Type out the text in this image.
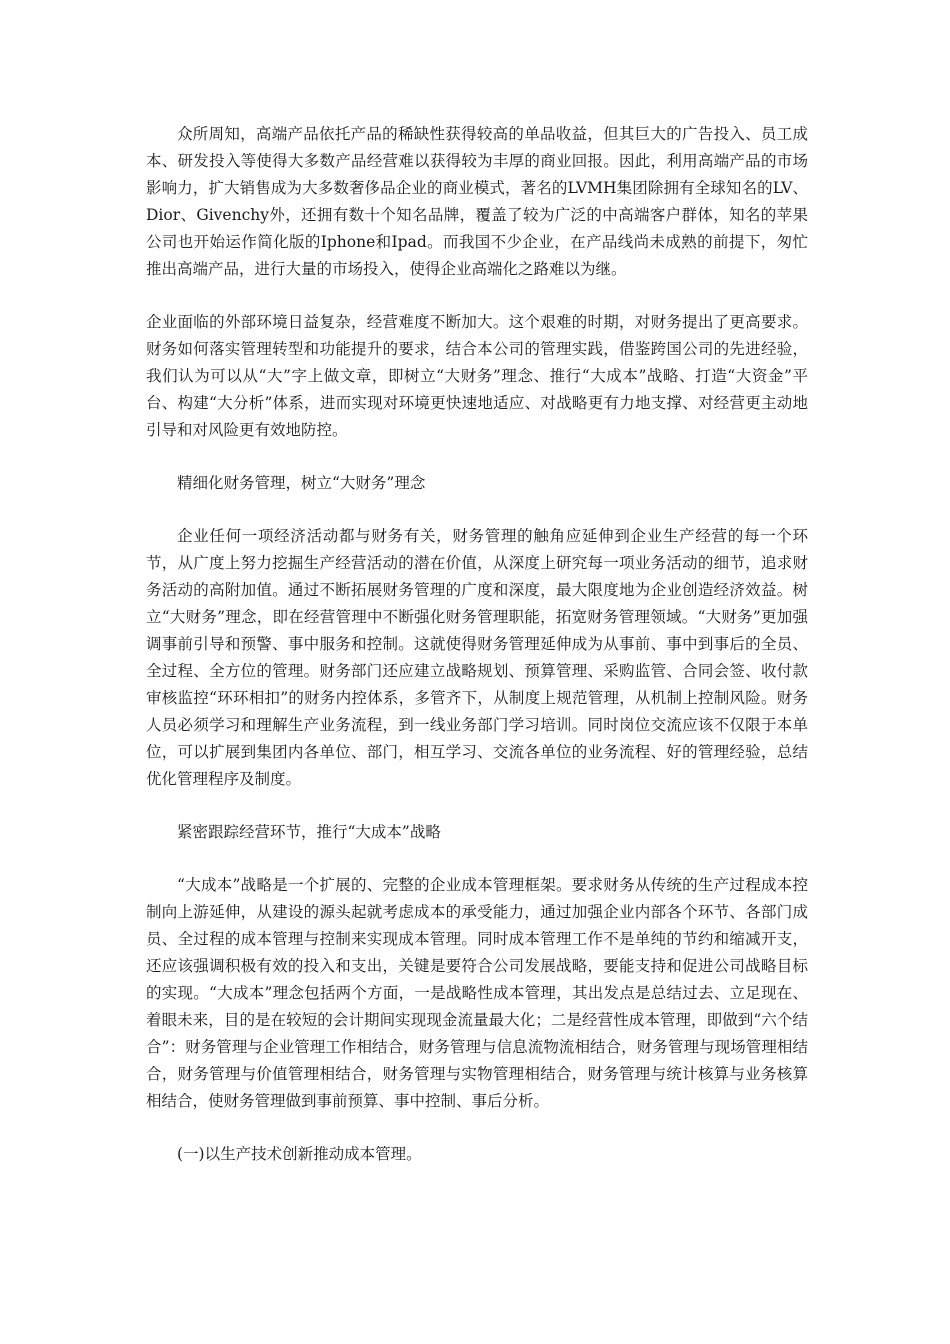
众所周知，高端产品依托产品的稀缺性获得较高的单品收益，但其巨大的广告投入、员工成本、研发投入等使得大多数产品经营难以获得较为丰厚的商业回报。因此，利用高端产品的市场影响力，扩大销售成为大多数奢侈品企业的商业模式，著名的LVMH集团除拥有全球知名的LV、Dior、Givenchy外，还拥有数十个知名品牌，覆盖了较为广泛的中高端客户群体，知名的苹果公司也开始运作简化版的Iphone和Ipad。而我国不少企业，在产品线尚未成熟的前提下，匆忙推出高端产品，进行大量的市场投入，使得企业高端化之路难以为继。

企业面临的外部环境日益复杂，经营难度不断加大。这个艰难的时期，对财务提出了更高要求。财务如何落实管理转型和功能提升的要求，结合本公司的管理实践，借鉴跨国公司的先进经验，我们认为可以从“大”字上做文章，即树立“大财务”理念、推行“大成本”战略、打造“大资金”平台、构建“大分析”体系，进而实现对环境更快速地适应、对战略更有力地支撑、对经营更主动地引导和对风险更有效地防控。

精细化财务管理，树立“大财务”理念

企业任何一项经济活动都与财务有关，财务管理的触角应延伸到企业生产经营的每一个环节，从广度上努力挖掘生产经营活动的潜在价值，从深度上研究每一项业务活动的细节，追求财务活动的高附加值。通过不断拓展财务管理的广度和深度，最大限度地为企业创造经济效益。树立“大财务”理念，即在经营管理中不断强化财务管理职能，拓宽财务管理领域。“大财务”更加强调事前引导和预警、事中服务和控制。这就使得财务管理延伸成为从事前、事中到事后的全员、全过程、全方位的管理。财务部门还应建立战略规划、预算管理、采购监管、合同会签、收付款审核监控“环环相扣”的财务内控体系，多管齐下，从制度上规范管理，从机制上控制风险。财务人员必须学习和理解生产业务流程，到一线业务部门学习培训。同时岗位交流应该不仅限于本单位，可以扩展到集团内各单位、部门，相互学习、交流各单位的业务流程、好的管理经验，总结优化管理程序及制度。

紧密跟踪经营环节，推行“大成本”战略

“大成本”战略是一个扩展的、完整的企业成本管理框架。要求财务从传统的生产过程成本控制向上游延伸，从建设的源头起就考虑成本的承受能力，通过加强企业内部各个环节、各部门成员、全过程的成本管理与控制来实现成本管理。同时成本管理工作不是单纯的节约和缩减开支，还应该强调积极有效的投入和支出，关键是要符合公司发展战略，要能支持和促进公司战略目标的实现。“大成本”理念包括两个方面，一是战略性成本管理，其出发点是总结过去、立足现在、着眼未来，目的是在较短的会计期间实现现金流量最大化；二是经营性成本管理，即做到“六个结合”：财务管理与企业管理工作相结合，财务管理与信息流物流相结合，财务管理与现场管理相结合，财务管理与价值管理相结合，财务管理与实物管理相结合，财务管理与统计核算与业务核算相结合，使财务管理做到事前预算、事中控制、事后分析。

(一)以生产技术创新推动成本管理。
